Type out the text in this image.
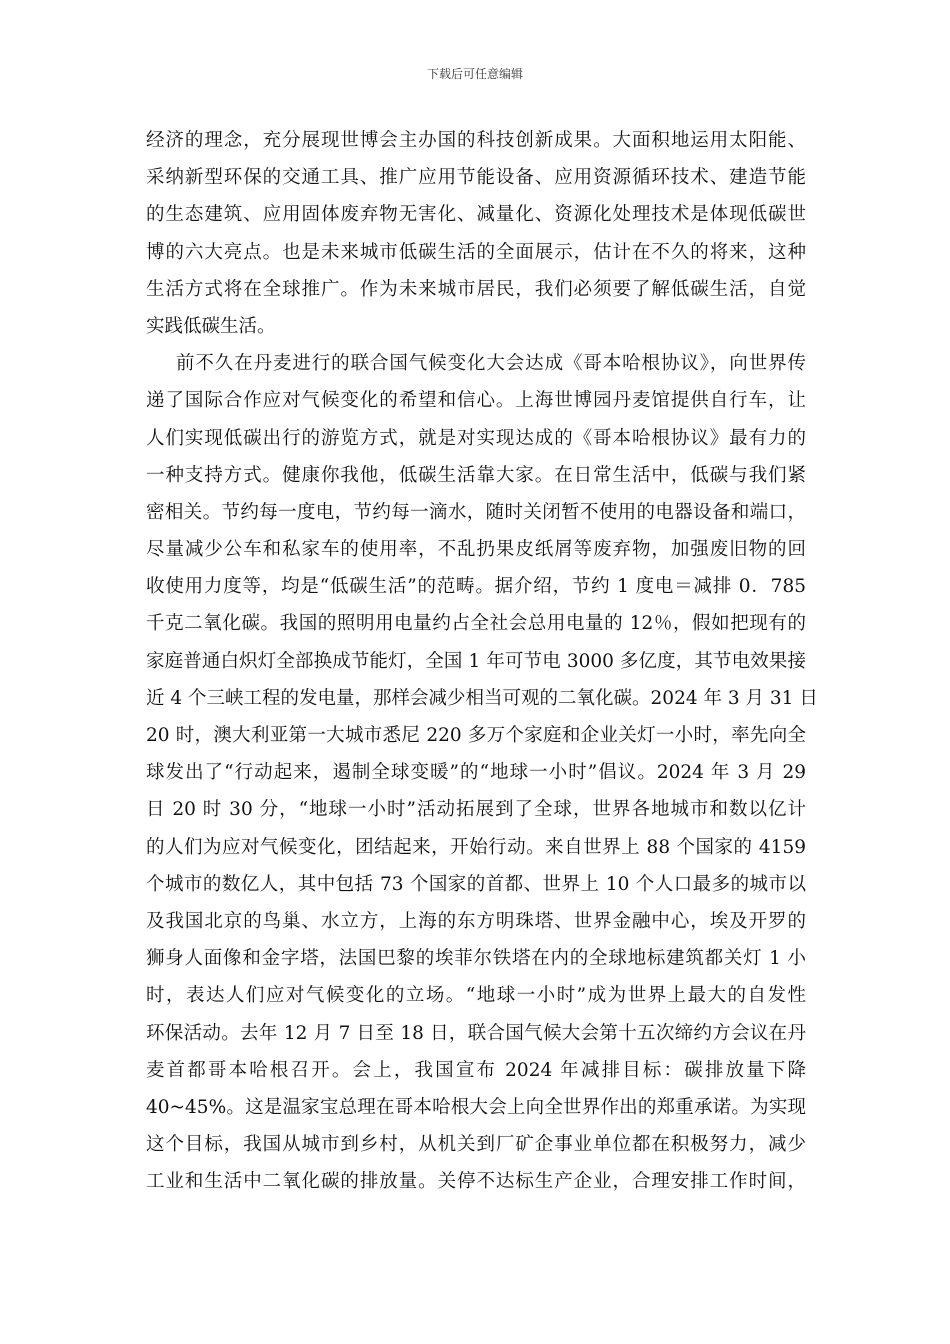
下载后可任意编辑
经济的理念，充分展现世博会主办国的科技创新成果。大面积地运用太阳能、
采纳新型环保的交通工具、推广应用节能设备、应用资源循环技术、建造节能
的生态建筑、应用固体废弃物无害化、减量化、资源化处理技术是体现低碳世
博的六大亮点。也是未来城市低碳生活的全面展示，估计在不久的将来，这种
生活方式将在全球推广。作为未来城市居民，我们必须要了解低碳生活，自觉
实践低碳生活。
前不久在丹麦进行的联合国气候变化大会达成《哥本哈根协议》，向世界传
递了国际合作应对气候变化的希望和信心。上海世博园丹麦馆提供自行车，让
人们实现低碳出行的游览方式，就是对实现达成的《哥本哈根协议》最有力的
一种支持方式。健康你我他，低碳生活靠大家。在日常生活中，低碳与我们紧
密相关。节约每一度电，节约每一滴水，随时关闭暂不使用的电器设备和端口，
尽量减少公车和私家车的使用率，不乱扔果皮纸屑等废弃物，加强废旧物的回
收使用力度等，均是“低碳生活”的范畴。据介绍，节约 1 度电＝减排 0．785
千克二氧化碳。我国的照明用电量约占全社会总用电量的 12％，假如把现有的
家庭普通白炽灯全部换成节能灯，全国 1 年可节电 3000 多亿度，其节电效果接
近 4 个三峡工程的发电量，那样会减少相当可观的二氧化碳。2024 年 3 月 31 日
20 时，澳大利亚第一大城市悉尼 220 多万个家庭和企业关灯一小时，率先向全
球发出了“行动起来，遏制全球变暖”的“地球一小时”倡议。2024 年 3 月 29
日 20 时 30 分，“地球一小时”活动拓展到了全球，世界各地城市和数以亿计
的人们为应对气候变化，团结起来，开始行动。来自世界上 88 个国家的 4159
个城市的数亿人，其中包括 73 个国家的首都、世界上 10 个人口最多的城市以
及我国北京的鸟巢、水立方，上海的东方明珠塔、世界金融中心，埃及开罗的
狮身人面像和金字塔，法国巴黎的埃菲尔铁塔在内的全球地标建筑都关灯 1 小
时，表达人们应对气候变化的立场。“地球一小时”成为世界上最大的自发性
环保活动。去年 12 月 7 日至 18 日，联合国气候大会第十五次缔约方会议在丹
麦首都哥本哈根召开。会上，我国宣布 2024 年减排目标：碳排放量下降
40~45%。这是温家宝总理在哥本哈根大会上向全世界作出的郑重承诺。为实现
这个目标，我国从城市到乡村，从机关到厂矿企事业单位都在积极努力，减少
工业和生活中二氧化碳的排放量。关停不达标生产企业，合理安排工作时间，
